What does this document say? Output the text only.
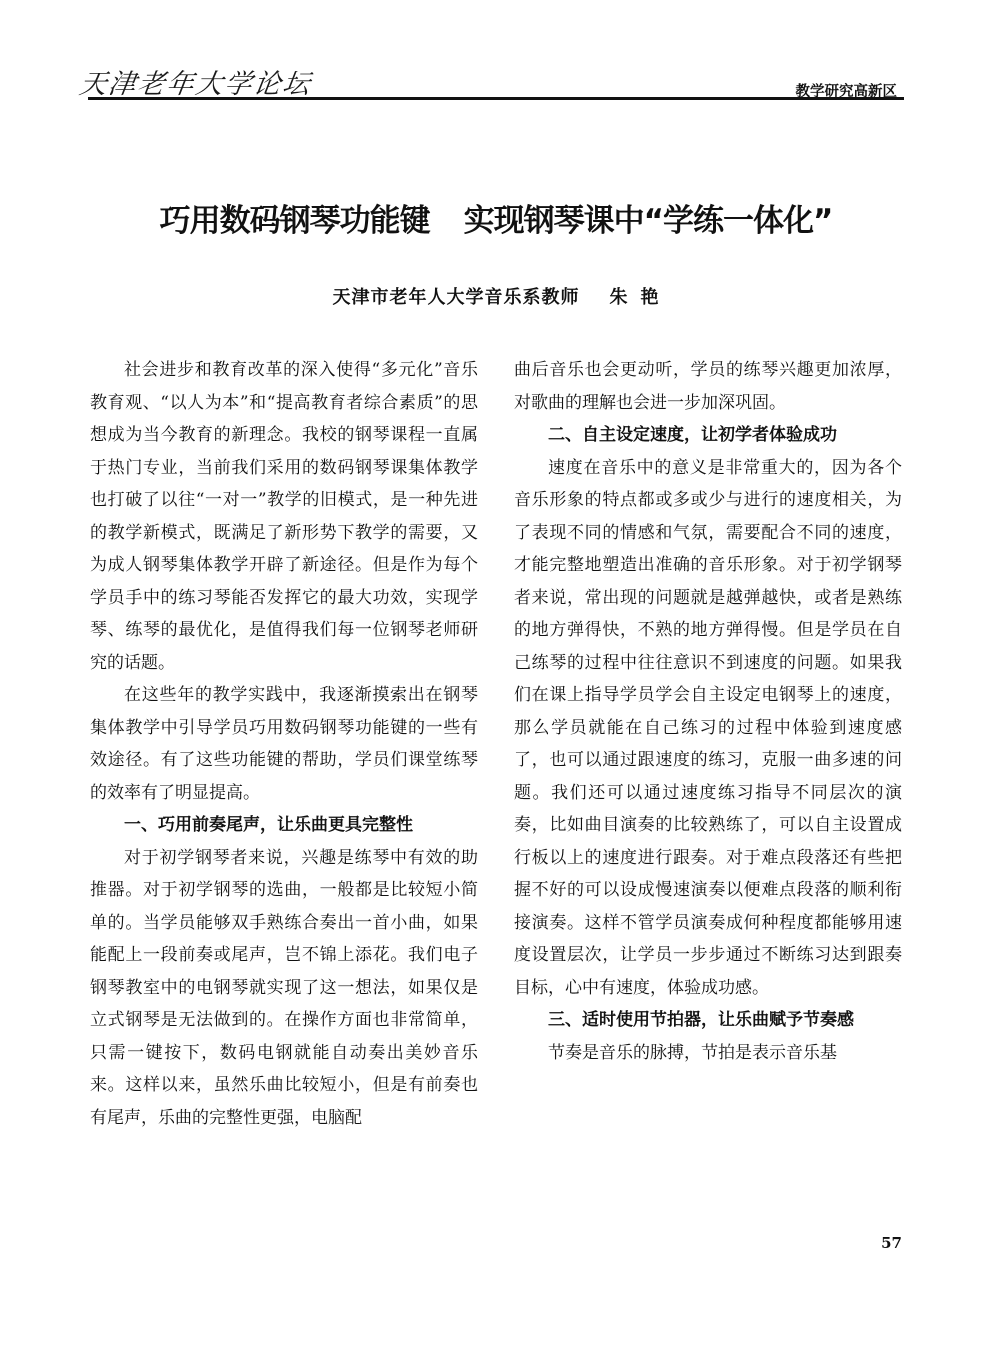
天津老年大学论坛	教学研究高新区
巧用数码钢琴功能键 实现钢琴课中“学练一体化”
天津市老年人大学音乐系教师 朱 艳

社会进步和教育改革的深入使得“多元化”音乐教育观、“以人为本”和“提高教育者综合素质”的思想成为当今教育的新理念。我校的钢琴课程一直属于热门专业，当前我们采用的数码钢琴课集体教学也打破了以往“一对一”教学的旧模式，是一种先进的教学新模式，既满足了新形势下教学的需要，又为成人钢琴集体教学开辟了新途径。但是作为每个学员手中的练习琴能否发挥它的最大功效，实现学琴、练琴的最优化，是值得我们每一位钢琴老师研究的话题。

在这些年的教学实践中，我逐渐摸索出在钢琴集体教学中引导学员巧用数码钢琴功能键的一些有效途径。有了这些功能键的帮助，学员们课堂练琴的效率有了明显提高。

一、巧用前奏尾声，让乐曲更具完整性

对于初学钢琴者来说，兴趣是练琴中有效的助推器。对于初学钢琴的选曲，一般都是比较短小简单的。当学员能够双手熟练合奏出一首小曲，如果能配上一段前奏或尾声，岂不锦上添花。我们电子钢琴教室中的电钢琴就实现了这一想法，如果仅是立式钢琴是无法做到的。在操作方面也非常简单，只需一键按下，数码电钢就能自动奏出美妙音乐来。这样以来，虽然乐曲比较短小，但是有前奏也有尾声，乐曲的完整性更强，电脑配

曲后音乐也会更动听，学员的练琴兴趣更加浓厚，对歌曲的理解也会进一步加深巩固。

二、自主设定速度，让初学者体验成功

速度在音乐中的意义是非常重大的，因为各个音乐形象的特点都或多或少与进行的速度相关，为了表现不同的情感和气氛，需要配合不同的速度，才能完整地塑造出准确的音乐形象。对于初学钢琴者来说，常出现的问题就是越弹越快，或者是熟练的地方弹得快，不熟的地方弹得慢。但是学员在自己练琴的过程中往往意识不到速度的问题。如果我们在课上指导学员学会自主设定电钢琴上的速度，那么学员就能在自己练习的过程中体验到速度感了，也可以通过跟速度的练习，克服一曲多速的问题。我们还可以通过速度练习指导不同层次的演奏，比如曲目演奏的比较熟练了，可以自主设置成行板以上的速度进行跟奏。对于难点段落还有些把握不好的可以设成慢速演奏以便难点段落的顺利衔接演奏。这样不管学员演奏成何种程度都能够用速度设置层次，让学员一步步通过不断练习达到跟奏目标，心中有速度，体验成功感。

三、适时使用节拍器，让乐曲赋予节奏感

节奏是音乐的脉搏，节拍是表示音乐基

57
